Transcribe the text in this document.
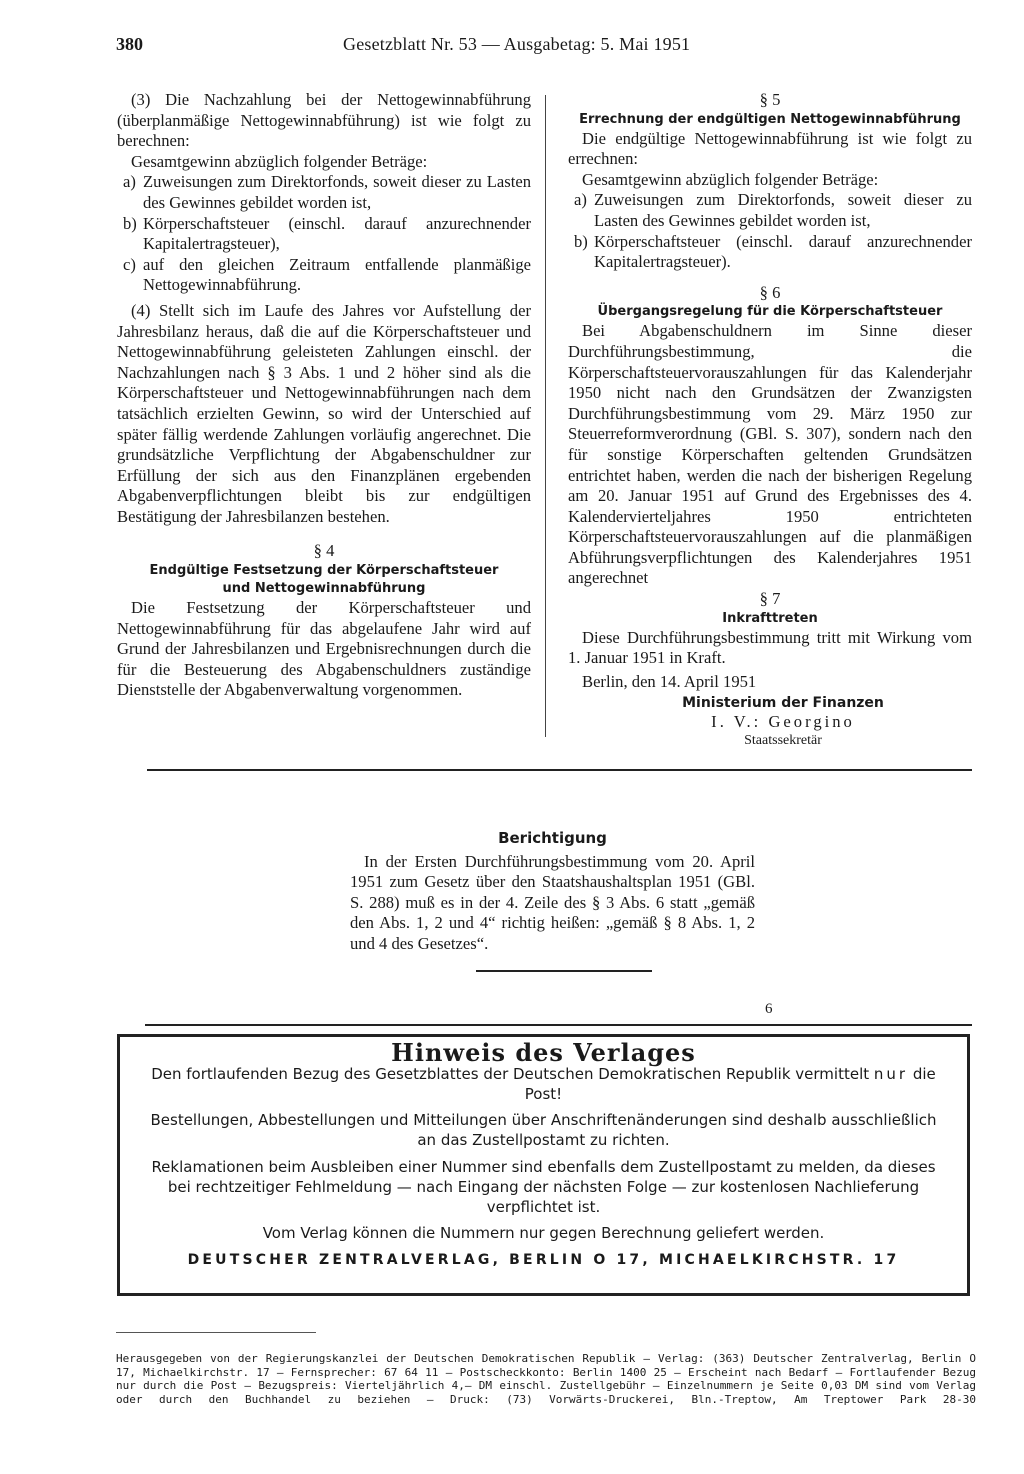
380	Gesetzblatt Nr. 53 — Ausgabetag: 5. Mai 1951

(3) Die Nachzahlung bei der Nettogewinnabführung (überplanmäßige Nettogewinnabführung) ist wie folgt zu berechnen:

Gesamtgewinn abzüglich folgender Beträge:

a) Zuweisungen zum Direktorfonds, soweit dieser zu Lasten des Gewinnes gebildet worden ist,
b) Körperschaftsteuer (einschl. darauf anzurechnender Kapitalertragsteuer),
c) auf den gleichen Zeitraum entfallende planmäßige Nettogewinnabführung.

(4) Stellt sich im Laufe des Jahres vor Aufstellung der Jahresbilanz heraus, daß die auf die Körperschaftsteuer und Nettogewinnabführung geleisteten Zahlungen einschl. der Nachzahlungen nach § 3 Abs. 1 und 2 höher sind als die Körperschaftsteuer und Nettogewinnabführungen nach dem tatsächlich erzielten Gewinn, so wird der Unterschied auf später fällig werdende Zahlungen vorläufig angerechnet. Die grundsätzliche Verpflichtung der Abgabenschuldner zur Erfüllung der sich aus den Finanzplänen ergebenden Abgabenverpflichtungen bleibt bis zur endgültigen Bestätigung der Jahresbilanzen bestehen.

§ 4

Endgültige Festsetzung der Körperschaftsteuer

und Nettogewinnabführung

Die Festsetzung der Körperschaftsteuer und Nettogewinnabführung für das abgelaufene Jahr wird auf Grund der Jahresbilanzen und Ergebnisrechnungen durch die für die Besteuerung des Abgabenschuldners zuständige Dienststelle der Abgabenverwaltung vorgenommen.

§ 5

Errechnung der endgültigen Nettogewinnabführung

Die endgültige Nettogewinnabführung ist wie folgt zu errechnen:

Gesamtgewinn abzüglich folgender Beträge:

a) Zuweisungen zum Direktorfonds, soweit dieser zu Lasten des Gewinnes gebildet worden ist,
b) Körperschaftsteuer (einschl. darauf anzurechnender Kapitalertragsteuer).

§ 6

Übergangsregelung für die Körperschaftsteuer

Bei Abgabenschuldnern im Sinne dieser Durchführungsbestimmung, die Körperschaftsteuervorauszahlungen für das Kalenderjahr 1950 nicht nach den Grundsätzen der Zwanzigsten Durchführungsbestimmung vom 29. März 1950 zur Steuerreformverordnung (GBl. S. 307), sondern nach den für sonstige Körperschaften geltenden Grundsätzen entrichtet haben, werden die nach der bisherigen Regelung am 20. Januar 1951 auf Grund des Ergebnisses des 4. Kalendervierteljahres 1950 entrichteten Körperschaftsteuervorauszahlungen auf die planmäßigen Abführungsverpflichtungen des Kalenderjahres 1951 angerechnet

§ 7

Inkrafttreten

Diese Durchführungsbestimmung tritt mit Wirkung vom 1. Januar 1951 in Kraft.

Berlin, den 14. April 1951

Ministerium der Finanzen

I. V.: Georgino

Staatssekretär

Berichtigung

In der Ersten Durchführungsbestimmung vom 20. April 1951 zum Gesetz über den Staatshaushaltsplan 1951 (GBl. S. 288) muß es in der 4. Zeile des § 3 Abs. 6 statt „gemäß den Abs. 1, 2 und 4“ richtig heißen: „gemäß § 8 Abs. 1, 2 und 4 des Gesetzes“.

6

Hinweis des Verlages

Den fortlaufenden Bezug des Gesetzblattes der Deutschen Demokratischen Republik vermittelt nur die Post!

Bestellungen, Abbestellungen und Mitteilungen über Anschriftenänderungen sind deshalb ausschließlich an das Zustellpostamt zu richten.

Reklamationen beim Ausbleiben einer Nummer sind ebenfalls dem Zustellpostamt zu melden, da dieses bei rechtzeitiger Fehlmeldung — nach Eingang der nächsten Folge — zur kostenlosen Nachlieferung verpflichtet ist.

Vom Verlag können die Nummern nur gegen Berechnung geliefert werden.

DEUTSCHER ZENTRALVERLAG, BERLIN O 17, MICHAELKIRCHSTR. 17

Herausgegeben von der Regierungskanzlei der Deutschen Demokratischen Republik — Verlag: (363) Deutscher Zentralverlag, Berlin O 17, Michaelkirchstr. 17 — Fernsprecher: 67 64 11 — Postscheckkonto: Berlin 1400 25 — Erscheint nach Bedarf — Fortlaufender Bezug nur durch die Post — Bezugspreis: Vierteljährlich 4,— DM einschl. Zustellgebühr — Einzelnummern je Seite 0,03 DM sind vom Verlag oder durch den Buchhandel zu beziehen — Druck: (73) Vorwärts-Druckerei, Bln.-Treptow, Am Treptower Park 28-30
